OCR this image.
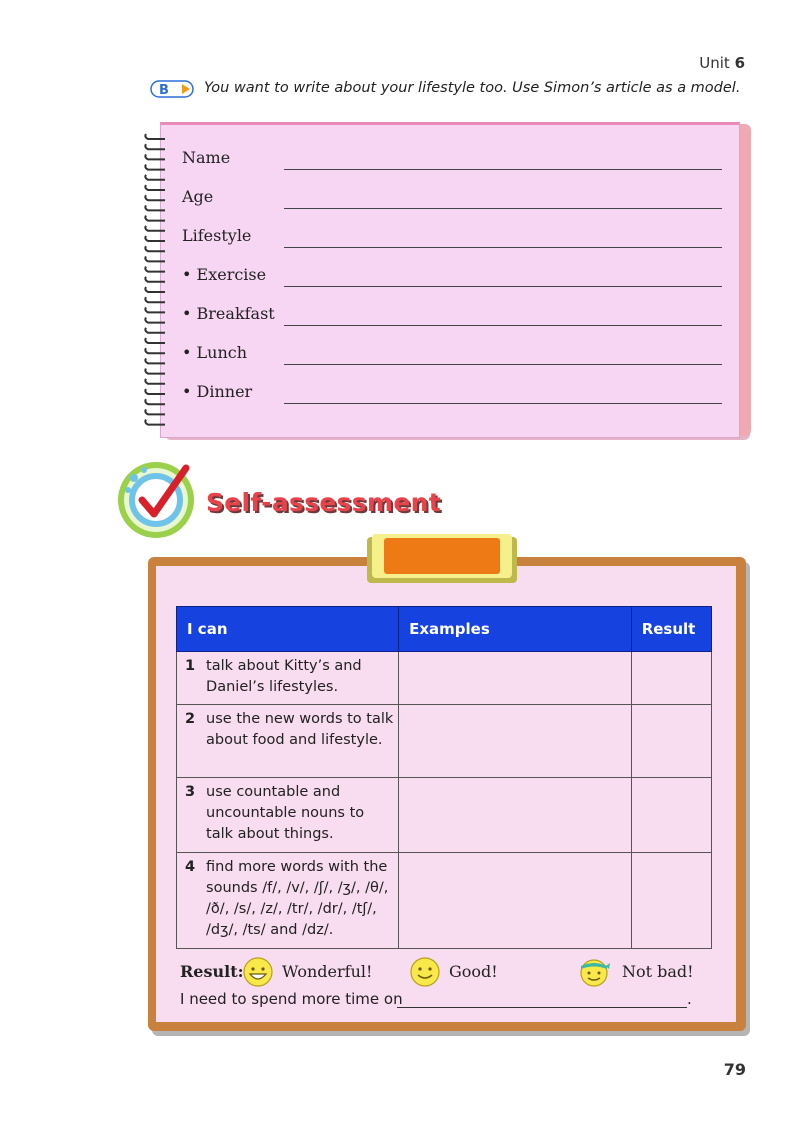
Unit 6
B You want to write about your lifestyle too. Use Simon’s article as a model.
Name
Age
Lifestyle
• Exercise
• Breakfast
• Lunch
• Dinner
Self-assessment
I can		Examples	Result
1	talk about Kitty’s and Daniel’s lifestyles.		
2	use the new words to talk about food and lifestyle.		
3	use countable and uncountable nouns to talk about things.		
4	find more words with the sounds /f/, /v/, /ʃ/, /ʒ/, /θ/, /ð/, /s/, /z/, /tr/, /dr/, /tʃ/, /dʒ/, /ts/ and /dz/.		
Result: Wonderful!	Good!	Not bad!
I need to spend more time on	.
79
